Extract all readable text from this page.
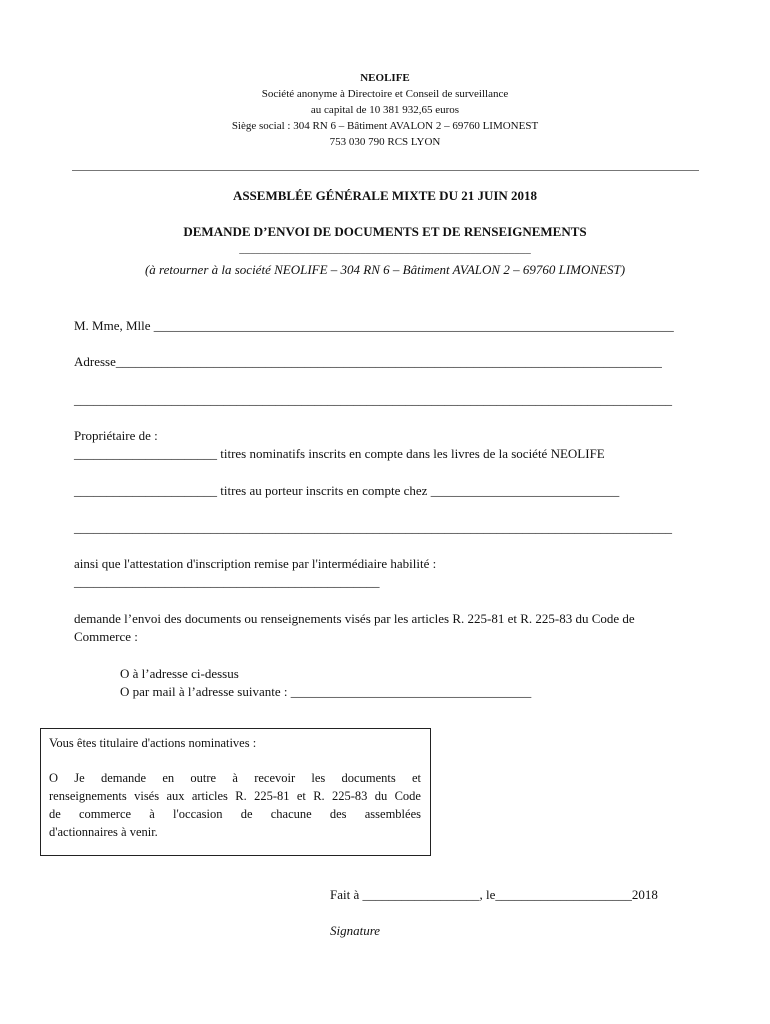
NEOLIFE
Société anonyme à Directoire et Conseil de surveillance
au capital de 10 381 932,65 euros
Siège social : 304 RN 6 – Bâtiment AVALON 2 – 69760 LIMONEST
753 030 790 RCS LYON
ASSEMBLÉE GÉNÉRALE MIXTE DU 21 JUIN 2018
DEMANDE D’ENVOI DE DOCUMENTS ET DE RENSEIGNEMENTS
_____________________________________________________
(à retourner à la société NEOLIFE – 304 RN 6 – Bâtiment AVALON 2 – 69760 LIMONEST)
M. Mme, Mlle ________________________________________________________________________________
Adresse____________________________________________________________________________________
____________________________________________________________________________________________
Propriétaire de :
______________________ titres nominatifs inscrits en compte dans les livres de la société NEOLIFE
______________________ titres au porteur inscrits en compte chez _____________________________
____________________________________________________________________________________________
ainsi que l'attestation d'inscription remise par l'intermédiaire habilité :
_______________________________________________
demande l’envoi des documents ou renseignements visés par les articles R. 225-81 et R. 225-83 du Code de
Commerce :
O à l’adresse ci-dessus
O par mail à l’adresse suivante : _____________________________________
Vous êtes titulaire d'actions nominatives :
O Je demande en outre à recevoir les documents et
renseignements visés aux articles R. 225-81 et R. 225-83 du Code
de commerce à l'occasion de chacune des assemblées
d'actionnaires à venir.
Fait à __________________, le_____________________2018
Signature
